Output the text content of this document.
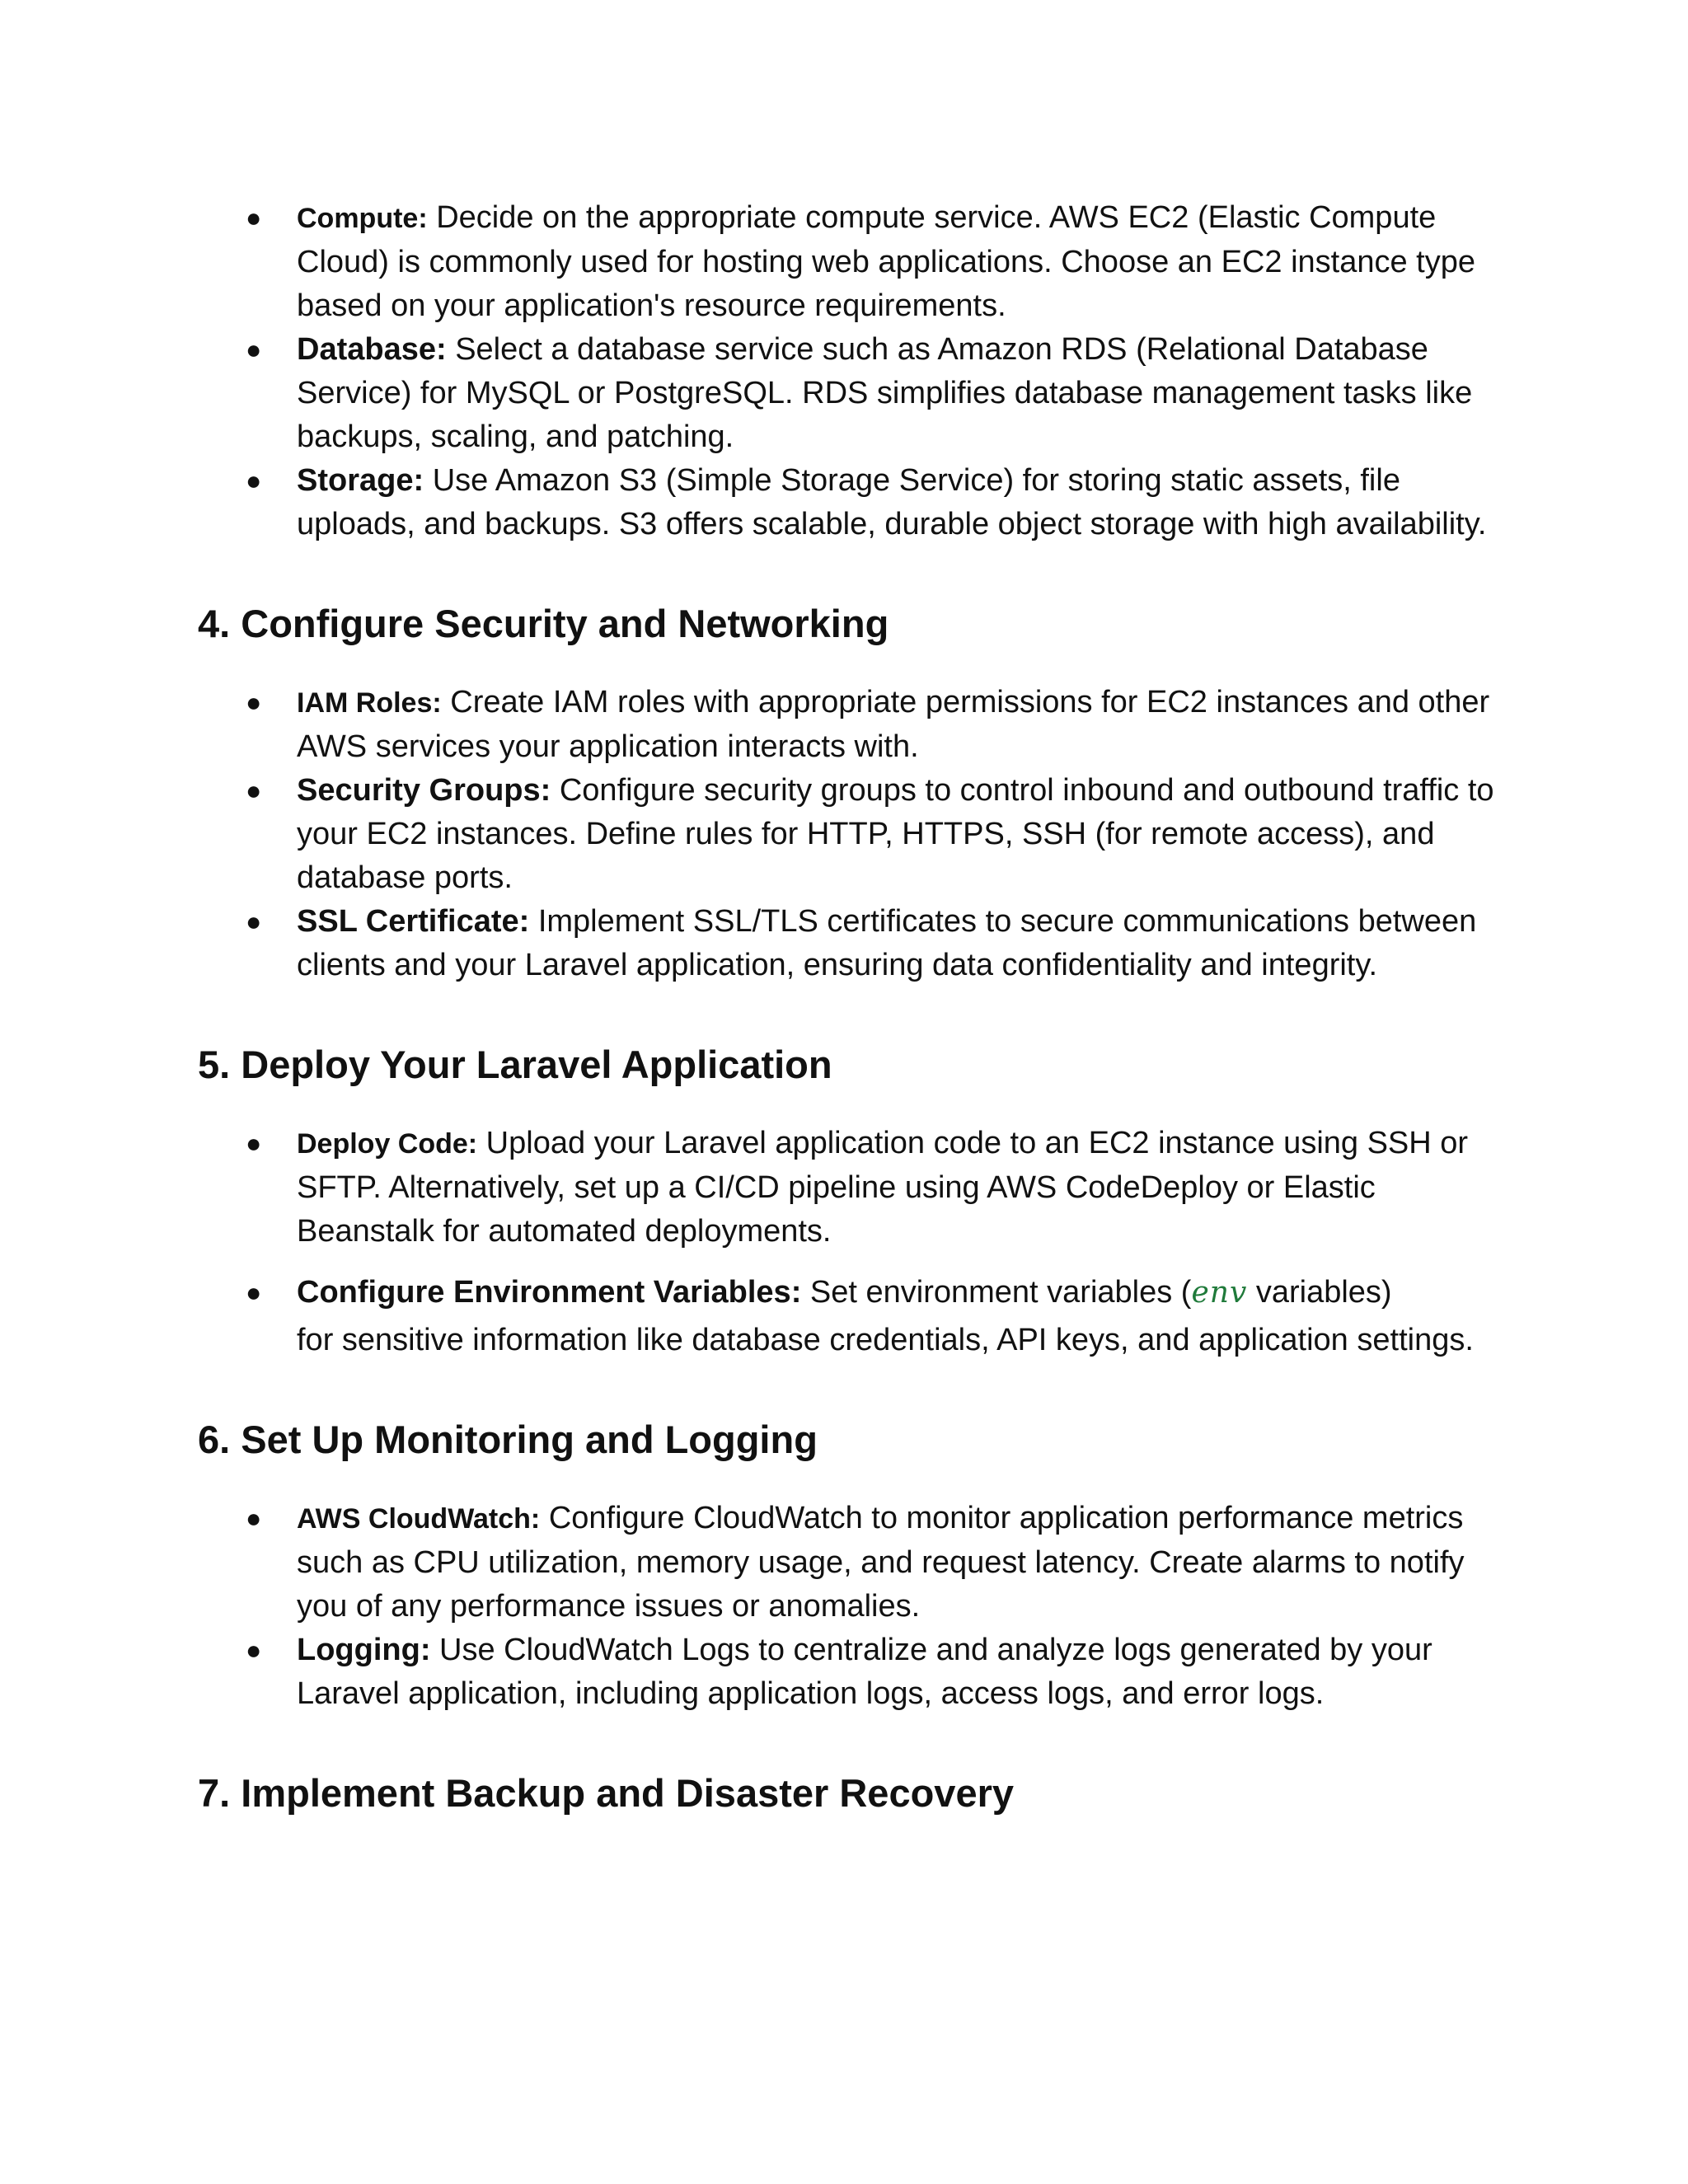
● Compute: Decide on the appropriate compute service. AWS EC2 (Elastic Compute Cloud) is commonly used for hosting web applications. Choose an EC2 instance type based on your application's resource requirements.
● Database: Select a database service such as Amazon RDS (Relational Database Service) for MySQL or PostgreSQL. RDS simplifies database management tasks like backups, scaling, and patching.
● Storage: Use Amazon S3 (Simple Storage Service) for storing static assets, file uploads, and backups. S3 offers scalable, durable object storage with high availability.
4. Configure Security and Networking
● IAM Roles: Create IAM roles with appropriate permissions for EC2 instances and other AWS services your application interacts with.
● Security Groups: Configure security groups to control inbound and outbound traffic to your EC2 instances. Define rules for HTTP, HTTPS, SSH (for remote access), and database ports.
● SSL Certificate: Implement SSL/TLS certificates to secure communications between clients and your Laravel application, ensuring data confidentiality and integrity.
5. Deploy Your Laravel Application
● Deploy Code: Upload your Laravel application code to an EC2 instance using SSH or SFTP. Alternatively, set up a CI/CD pipeline using AWS CodeDeploy or Elastic Beanstalk for automated deployments.
● Configure Environment Variables: Set environment variables (env variables)
for sensitive information like database credentials, API keys, and application settings.
6. Set Up Monitoring and Logging
● AWS CloudWatch: Configure CloudWatch to monitor application performance metrics such as CPU utilization, memory usage, and request latency. Create alarms to notify you of any performance issues or anomalies.
● Logging: Use CloudWatch Logs to centralize and analyze logs generated by your Laravel application, including application logs, access logs, and error logs.
7. Implement Backup and Disaster Recovery
